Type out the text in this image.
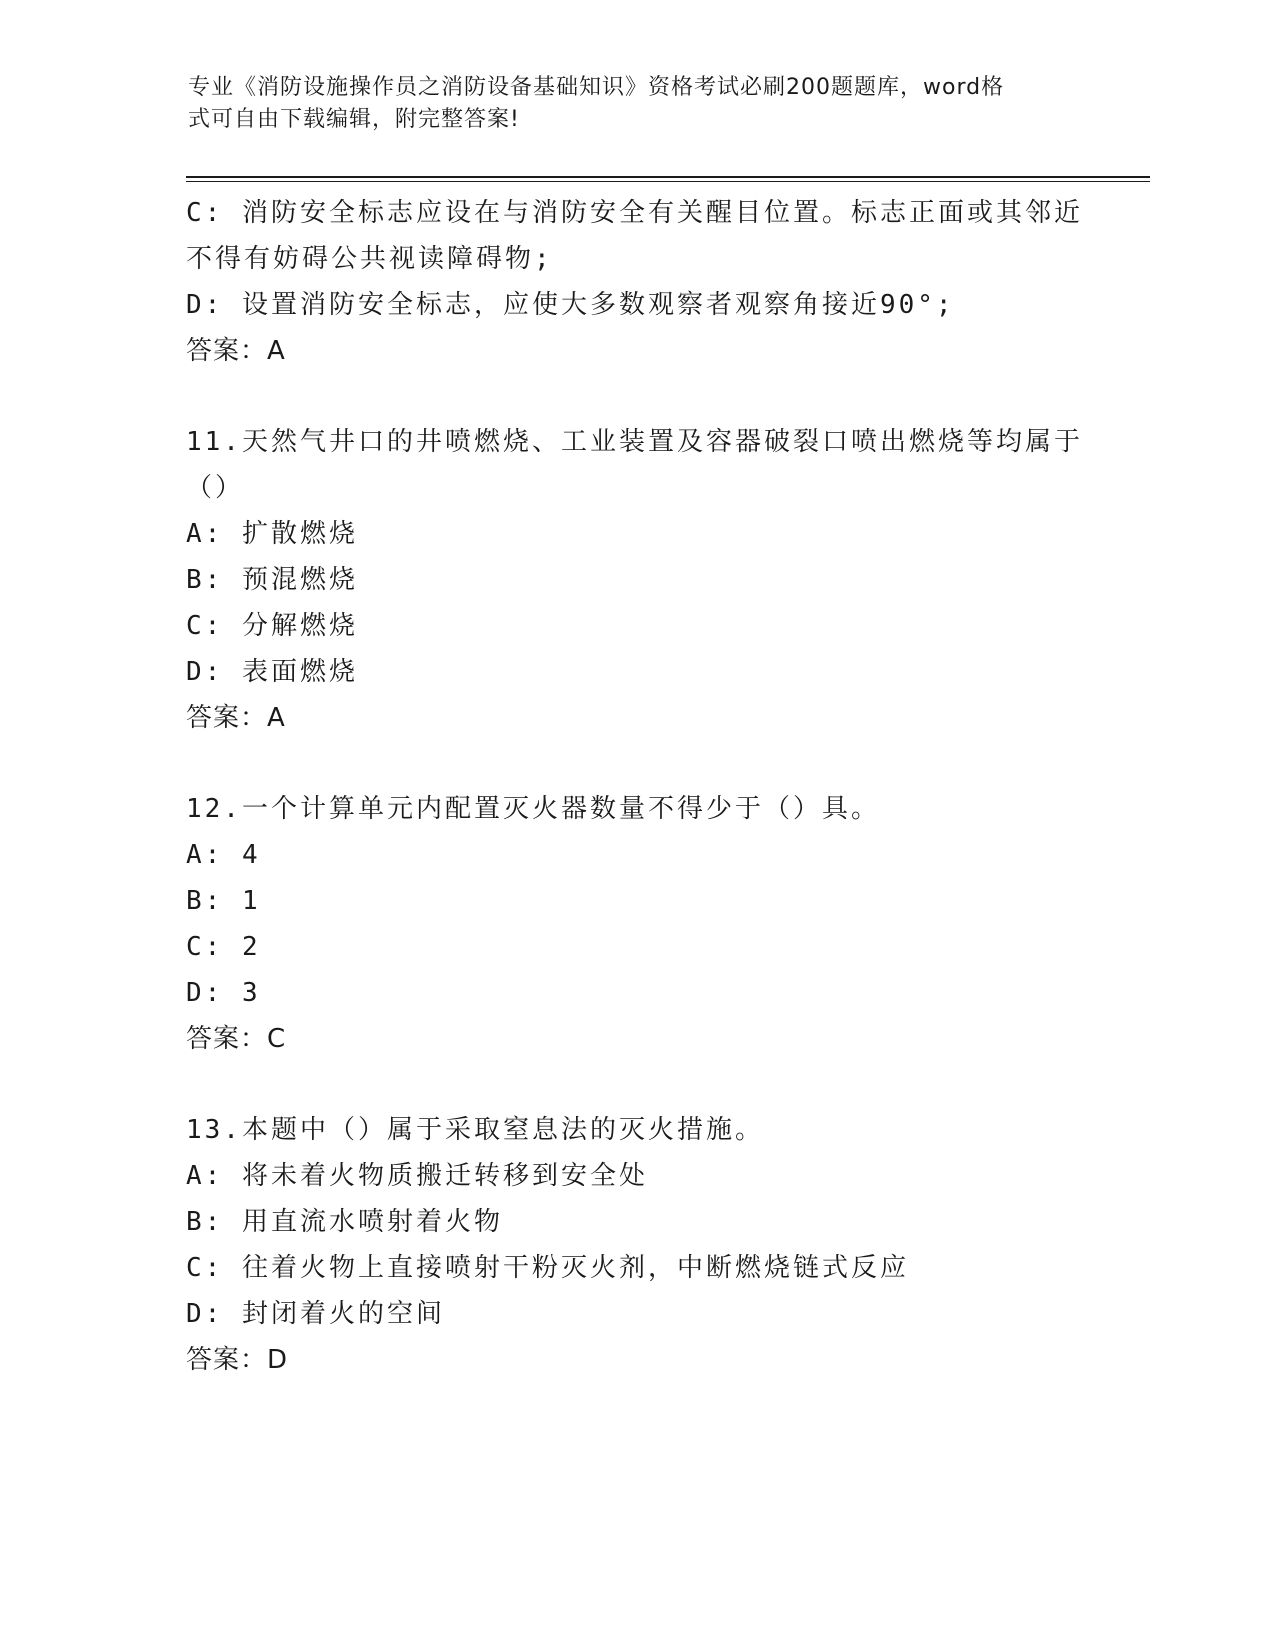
专业《消防设施操作员之消防设备基础知识》资格考试必刷200题题库，word格
式可自由下载编辑，附完整答案!
C: 消防安全标志应设在与消防安全有关醒目位置。标志正面或其邻近
不得有妨碍公共视读障碍物;
D: 设置消防安全标志，应使大多数观察者观察角接近90°;
答案：A
11.天然气井口的井喷燃烧、工业装置及容器破裂口喷出燃烧等均属于
（）
A: 扩散燃烧
B: 预混燃烧
C: 分解燃烧
D: 表面燃烧
答案：A
12.一个计算单元内配置灭火器数量不得少于（）具。
A: 4
B: 1
C: 2
D: 3
答案：C
13.本题中（）属于采取窒息法的灭火措施。
A: 将未着火物质搬迁转移到安全处
B: 用直流水喷射着火物
C: 往着火物上直接喷射干粉灭火剂，中断燃烧链式反应
D: 封闭着火的空间
答案：D
